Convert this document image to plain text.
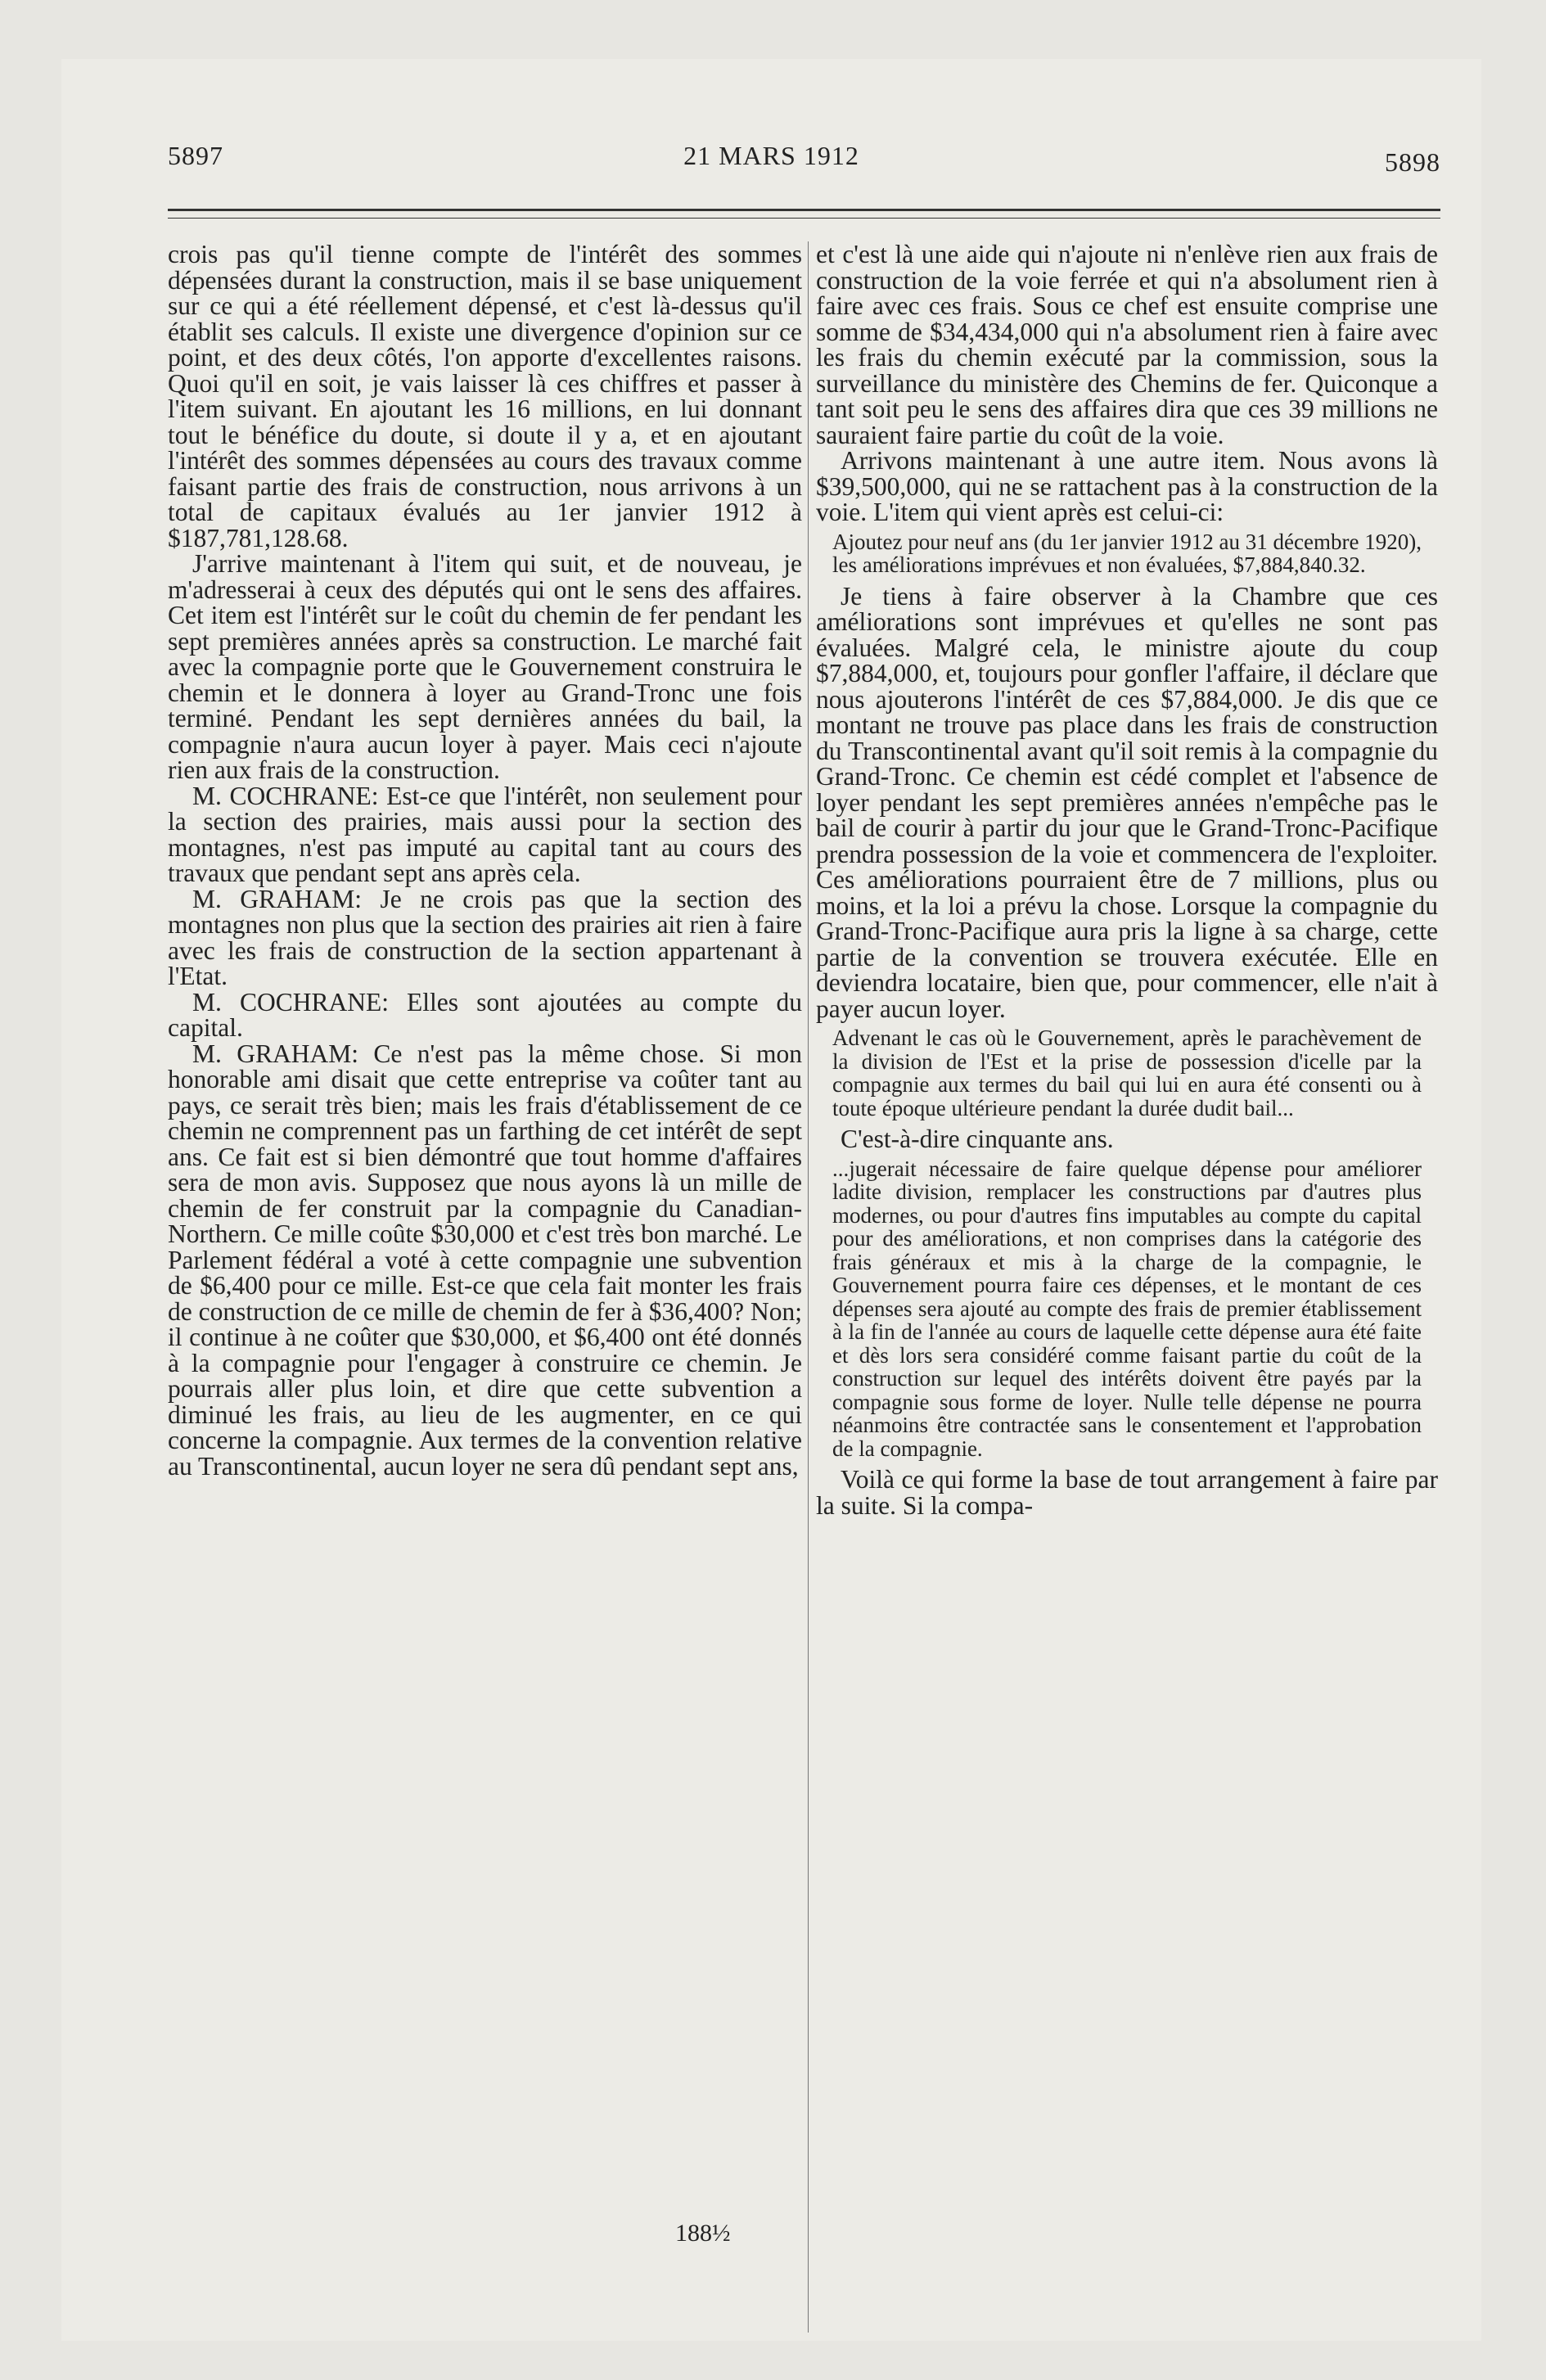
5897	21 MARS 1912	5898

crois pas qu'il tienne compte de l'intérêt des sommes dépensées durant la construction, mais il se base uniquement sur ce qui a été réellement dépensé, et c'est là-dessus qu'il établit ses calculs. Il existe une divergence d'opinion sur ce point, et des deux côtés, l'on apporte d'excellentes raisons. Quoi qu'il en soit, je vais laisser là ces chiffres et passer à l'item suivant. En ajoutant les 16 millions, en lui donnant tout le bénéfice du doute, si doute il y a, et en ajoutant l'intérêt des sommes dépensées au cours des travaux comme faisant partie des frais de construction, nous arrivons à un total de capitaux évalués au 1er janvier 1912 à $187,781,128.68.

J'arrive maintenant à l'item qui suit, et de nouveau, je m'adresserai à ceux des députés qui ont le sens des affaires. Cet item est l'intérêt sur le coût du chemin de fer pendant les sept premières années après sa construction. Le marché fait avec la compagnie porte que le Gouvernement construira le chemin et le donnera à loyer au Grand-Tronc une fois terminé. Pendant les sept dernières années du bail, la compagnie n'aura aucun loyer à payer. Mais ceci n'ajoute rien aux frais de la construction.

M. COCHRANE: Est-ce que l'intérêt, non seulement pour la section des prairies, mais aussi pour la section des montagnes, n'est pas imputé au capital tant au cours des travaux que pendant sept ans après cela.

M. GRAHAM: Je ne crois pas que la section des montagnes non plus que la section des prairies ait rien à faire avec les frais de construction de la section appartenant à l'Etat.

M. COCHRANE: Elles sont ajoutées au compte du capital.

M. GRAHAM: Ce n'est pas la même chose. Si mon honorable ami disait que cette entreprise va coûter tant au pays, ce serait très bien; mais les frais d'établissement de ce chemin ne comprennent pas un farthing de cet intérêt de sept ans. Ce fait est si bien démontré que tout homme d'affaires sera de mon avis. Supposez que nous ayons là un mille de chemin de fer construit par la compagnie du Canadian-Northern. Ce mille coûte $30,000 et c'est très bon marché. Le Parlement fédéral a voté à cette compagnie une subvention de $6,400 pour ce mille. Est-ce que cela fait monter les frais de construction de ce mille de chemin de fer à $36,400? Non; il continue à ne coûter que $30,000, et $6,400 ont été donnés à la compagnie pour l'engager à construire ce chemin. Je pourrais aller plus loin, et dire que cette subvention a diminué les frais, au lieu de les augmenter, en ce qui concerne la compagnie. Aux termes de la convention relative au Transcontinental, aucun loyer ne sera dû pendant sept ans,

et c'est là une aide qui n'ajoute ni n'enlève rien aux frais de construction de la voie ferrée et qui n'a absolument rien à faire avec ces frais. Sous ce chef est ensuite comprise une somme de $34,434,000 qui n'a absolument rien à faire avec les frais du chemin exécuté par la commission, sous la surveillance du ministère des Chemins de fer. Quiconque a tant soit peu le sens des affaires dira que ces 39 millions ne sauraient faire partie du coût de la voie.

Arrivons maintenant à une autre item. Nous avons là $39,500,000, qui ne se rattachent pas à la construction de la voie. L'item qui vient après est celui-ci:

Ajoutez pour neuf ans (du 1er janvier 1912 au 31 décembre 1920), les améliorations imprévues et non évaluées, $7,884,840.32.

Je tiens à faire observer à la Chambre que ces améliorations sont imprévues et qu'elles ne sont pas évaluées. Malgré cela, le ministre ajoute du coup $7,884,000, et, toujours pour gonfler l'affaire, il déclare que nous ajouterons l'intérêt de ces $7,884,000. Je dis que ce montant ne trouve pas place dans les frais de construction du Transcontinental avant qu'il soit remis à la compagnie du Grand-Tronc. Ce chemin est cédé complet et l'absence de loyer pendant les sept premières années n'empêche pas le bail de courir à partir du jour que le Grand-Tronc-Pacifique prendra possession de la voie et commencera de l'exploiter. Ces améliorations pourraient être de 7 millions, plus ou moins, et la loi a prévu la chose. Lorsque la compagnie du Grand-Tronc-Pacifique aura pris la ligne à sa charge, cette partie de la convention se trouvera exécutée. Elle en deviendra locataire, bien que, pour commencer, elle n'ait à payer aucun loyer.

Advenant le cas où le Gouvernement, après le parachèvement de la division de l'Est et la prise de possession d'icelle par la compagnie aux termes du bail qui lui en aura été consenti ou à toute époque ultérieure pendant la durée dudit bail...

C'est-à-dire cinquante ans.

...jugerait nécessaire de faire quelque dépense pour améliorer ladite division, remplacer les constructions par d'autres plus modernes, ou pour d'autres fins imputables au compte du capital pour des améliorations, et non comprises dans la catégorie des frais généraux et mis à la charge de la compagnie, le Gouvernement pourra faire ces dépenses, et le montant de ces dépenses sera ajouté au compte des frais de premier établissement à la fin de l'année au cours de laquelle cette dépense aura été faite et dès lors sera considéré comme faisant partie du coût de la construction sur lequel des intérêts doivent être payés par la compagnie sous forme de loyer. Nulle telle dépense ne pourra néanmoins être contractée sans le consentement et l'approbation de la compagnie.

Voilà ce qui forme la base de tout arrangement à faire par la suite. Si la compa-

188½
